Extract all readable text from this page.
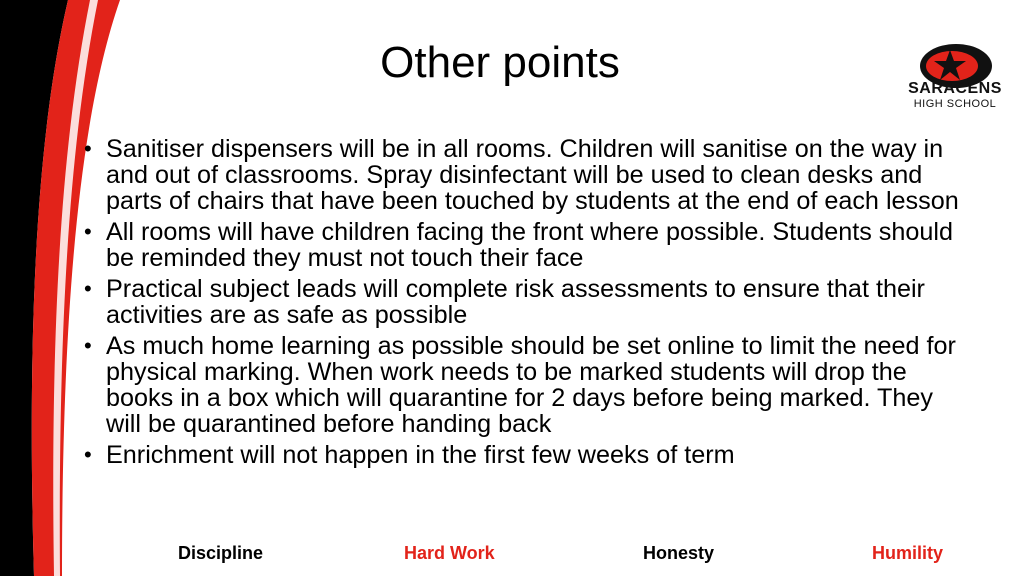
Other points
SARACENS
HIGH SCHOOL
• Sanitiser dispensers will be in all rooms. Children will sanitise on the way in and out of classrooms. Spray disinfectant will be used to clean desks and parts of chairs that have been touched by students at the end of each lesson
• All rooms will have children facing the front where possible. Students should be reminded they must not touch their face
• Practical subject leads will complete risk assessments to ensure that their activities are as safe as possible
• As much home learning as possible should be set online to limit the need for physical marking. When work needs to be marked students will drop the books in a box which will quarantine for 2 days before being marked. They will be quarantined before handing back
• Enrichment will not happen in the first few weeks of term
Discipline	Hard Work	Honesty	Humility
